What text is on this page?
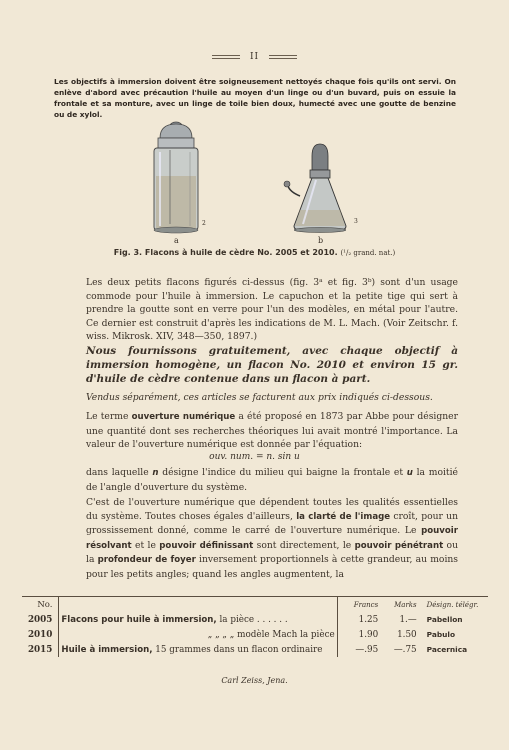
II
Les objectifs à immersion doivent être soigneusement nettoyés chaque fois qu'ils ont servi. On enlève d'abord avec précaution l'huile au moyen d'un linge ou d'un buvard, puis on essuie la frontale et sa monture, avec un linge de toile bien doux, humecté avec une goutte de benzine ou de xylol.
2	3
a	b
Fig. 3. Flacons à huile de cèdre No. 2005 et 2010. (¹/₂ grand. nat.)
Les deux petits flacons figurés ci-dessus (fig. 3ᵃ et fig. 3ᵇ) sont d'un usage commode pour l'huile à immersion. Le capuchon et la petite tige qui sert à prendre la goutte sont en verre pour l'un des modèles, en métal pour l'autre. Ce dernier est construit d'après les indications de M. L. Mach. (Voir Zeitschr. f. wiss. Mikrosk. XIV, 348—350, 1897.)
Nous fournissons gratuitement, avec chaque objectif à immersion homogène, un flacon No. 2010 et environ 15 gr. d'huile de cèdre contenue dans un flacon à part.
Vendus séparément, ces articles se facturent aux prix indiqués ci-dessous.
Le terme ouverture numérique a été proposé en 1873 par Abbe pour désigner une quantité dont ses recherches théoriques lui avait montré l'importance. La valeur de l'ouverture numérique est donnée par l'équation:
ouv. num. = n. sin u
dans laquelle n désigne l'indice du milieu qui baigne la frontale et u la moitié de l'angle d'ouverture du système.
C'est de l'ouverture numérique que dépendent toutes les qualités essentielles du système. Toutes choses égales d'ailleurs, la clarté de l'image croît, pour un grossissement donné, comme le carré de l'ouverture numérique. Le pouvoir résolvant et le pouvoir définissant sont directement, le pouvoir pénétrant ou la profondeur de foyer inversement proportionnels à cette grandeur, au moins pour les petits angles; quand les angles augmentent, la
No.		Francs	Marks	Désign. télégr.
2005	Flacons pour huile à immersion, la pièce . . . . . .	1.25	1.—	Pabellon
2010	„ „ „ „ modèle Mach la pièce	1.90	1.50	Pabulo
2015	Huile à immersion, 15 grammes dans un flacon ordinaire	—.95	—.75	Pacernica
Carl Zeiss, Jena.
